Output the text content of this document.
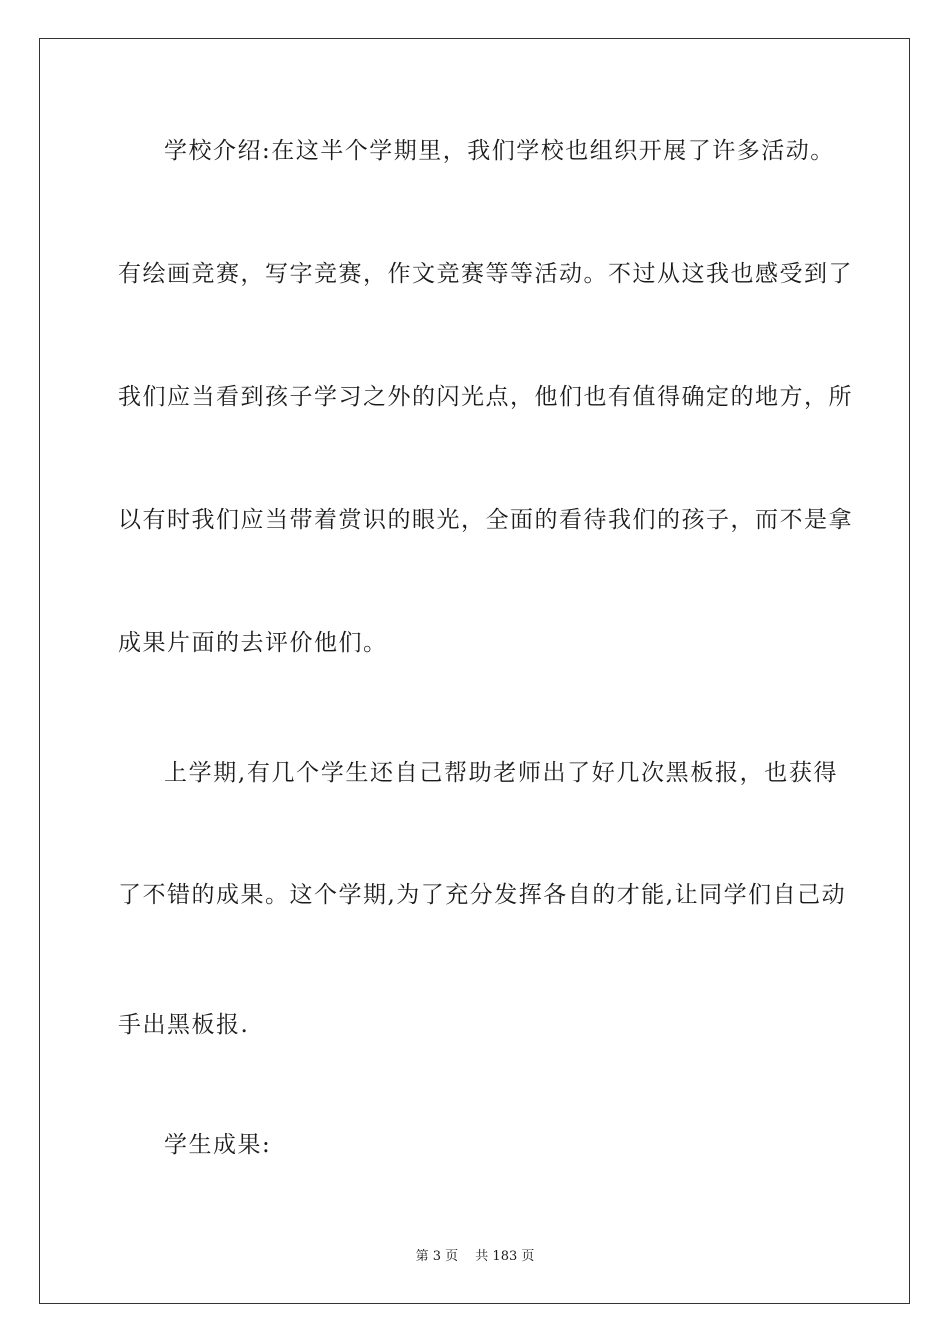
学校介绍:在这半个学期里，我们学校也组织开展了许多活动。
有绘画竞赛，写字竞赛，作文竞赛等等活动。不过从这我也感受到了
我们应当看到孩子学习之外的闪光点，他们也有值得确定的地方，所
以有时我们应当带着赏识的眼光，全面的看待我们的孩子，而不是拿
成果片面的去评价他们。
上学期,有几个学生还自己帮助老师出了好几次黑板报，也获得
了不错的成果。这个学期,为了充分发挥各自的才能,让同学们自己动
手出黑板报.
学生成果:
第 3 页　 共 183 页
